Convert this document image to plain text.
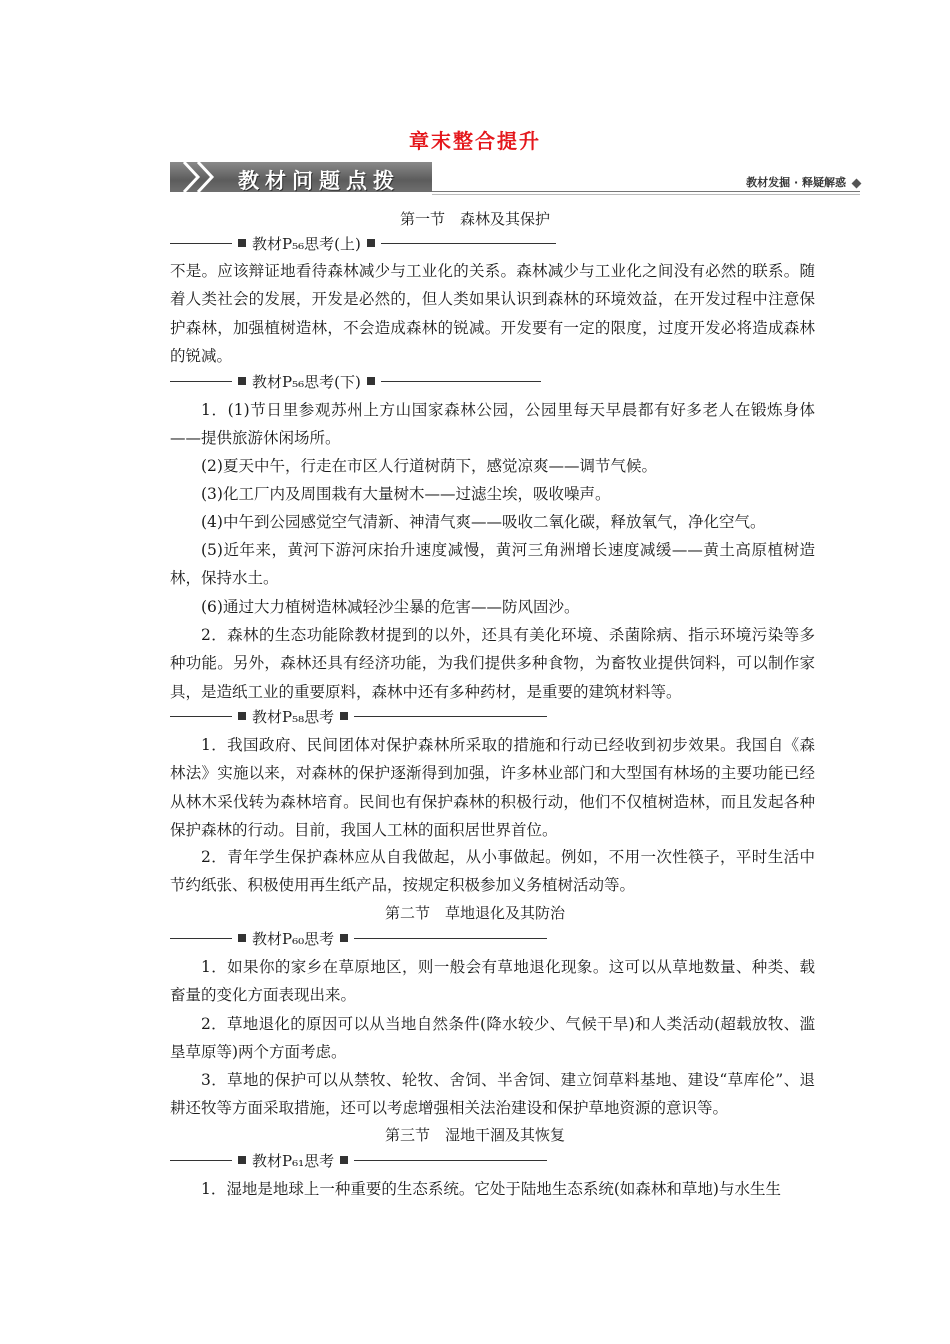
章末整合提升
教材问题点拨	教材发掘 · 释疑解惑
第一节　森林及其保护
教材P₅₆思考(上)

不是。应该辩证地看待森林减少与工业化的关系。森林减少与工业化之间没有必然的联系。随着人类社会的发展，开发是必然的，但人类如果认识到森林的环境效益，在开发过程中注意保护森林，加强植树造林，不会造成森林的锐减。开发要有一定的限度，过度开发必将造成森林的锐减。

教材P₅₆思考(下)

1．(1)节日里参观苏州上方山国家森林公园，公园里每天早晨都有好多老人在锻炼身体——提供旅游休闲场所。

(2)夏天中午，行走在市区人行道树荫下，感觉凉爽——调节气候。

(3)化工厂内及周围栽有大量树木——过滤尘埃，吸收噪声。

(4)中午到公园感觉空气清新、神清气爽——吸收二氧化碳，释放氧气，净化空气。

(5)近年来，黄河下游河床抬升速度减慢，黄河三角洲增长速度减缓——黄土高原植树造林，保持水土。

(6)通过大力植树造林减轻沙尘暴的危害——防风固沙。

2．森林的生态功能除教材提到的以外，还具有美化环境、杀菌除病、指示环境污染等多种功能。另外，森林还具有经济功能，为我们提供多种食物，为畜牧业提供饲料，可以制作家具，是造纸工业的重要原料，森林中还有多种药材，是重要的建筑材料等。

教材P₅₈思考

1．我国政府、民间团体对保护森林所采取的措施和行动已经收到初步效果。我国自《森林法》实施以来，对森林的保护逐渐得到加强，许多林业部门和大型国有林场的主要功能已经从林木采伐转为森林培育。民间也有保护森林的积极行动，他们不仅植树造林，而且发起各种保护森林的行动。目前，我国人工林的面积居世界首位。

2．青年学生保护森林应从自我做起，从小事做起。例如，不用一次性筷子，平时生活中节约纸张、积极使用再生纸产品，按规定积极参加义务植树活动等。

第二节　草地退化及其防治
教材P₆₀思考

1．如果你的家乡在草原地区，则一般会有草地退化现象。这可以从草地数量、种类、载畜量的变化方面表现出来。

2．草地退化的原因可以从当地自然条件(降水较少、气候干旱)和人类活动(超载放牧、滥垦草原等)两个方面考虑。

3．草地的保护可以从禁牧、轮牧、舍饲、半舍饲、建立饲草料基地、建设“草库伦”、退耕还牧等方面采取措施，还可以考虑增强相关法治建设和保护草地资源的意识等。

第三节　湿地干涸及其恢复
教材P₆₁思考

1．湿地是地球上一种重要的生态系统。它处于陆地生态系统(如森林和草地)与水生生
